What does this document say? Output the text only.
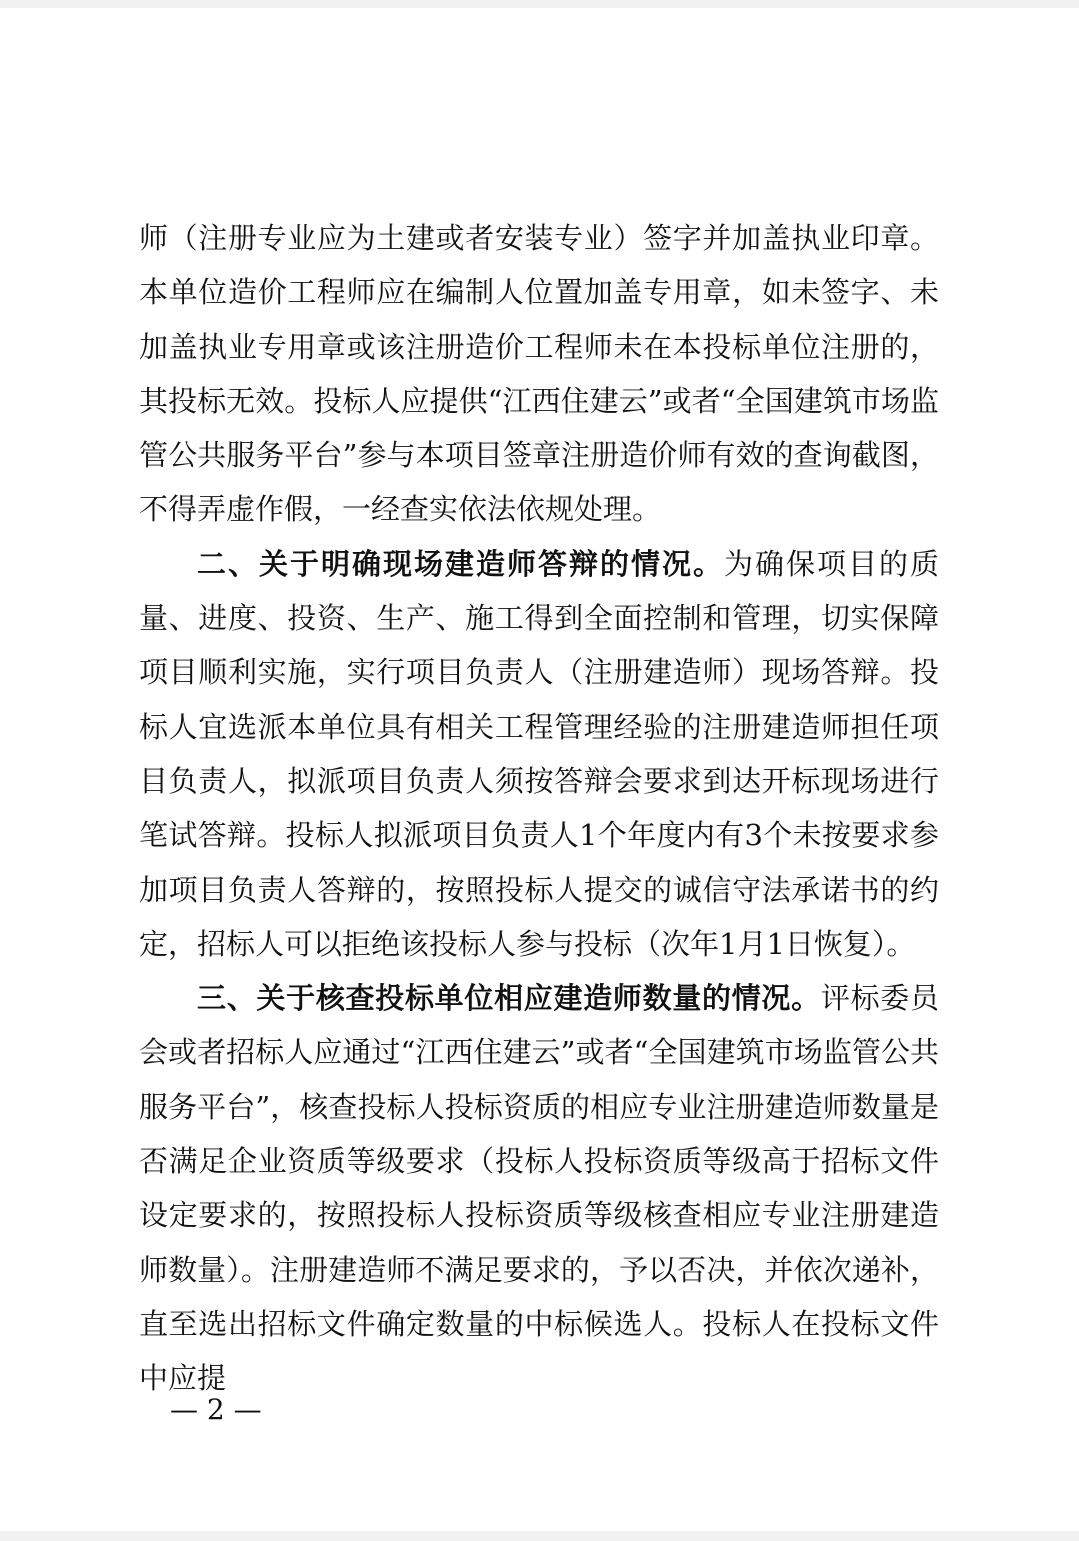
师（注册专业应为土建或者安装专业）签字并加盖执业印章。本单位造价工程师应在编制人位置加盖专用章，如未签字、未加盖执业专用章或该注册造价工程师未在本投标单位注册的，其投标无效。投标人应提供“江西住建云”或者“全国建筑市场监管公共服务平台”参与本项目签章注册造价师有效的查询截图，不得弄虚作假，一经查实依法依规处理。

二、关于明确现场建造师答辩的情况。为确保项目的质量、进度、投资、生产、施工得到全面控制和管理，切实保障项目顺利实施，实行项目负责人（注册建造师）现场答辩。投标人宜选派本单位具有相关工程管理经验的注册建造师担任项目负责人，拟派项目负责人须按答辩会要求到达开标现场进行笔试答辩。投标人拟派项目负责人1个年度内有3个未按要求参加项目负责人答辩的，按照投标人提交的诚信守法承诺书的约定，招标人可以拒绝该投标人参与投标（次年1月1日恢复）。

三、关于核查投标单位相应建造师数量的情况。评标委员会或者招标人应通过“江西住建云”或者“全国建筑市场监管公共服务平台”，核查投标人投标资质的相应专业注册建造师数量是否满足企业资质等级要求（投标人投标资质等级高于招标文件设定要求的，按照投标人投标资质等级核查相应专业注册建造师数量）。注册建造师不满足要求的，予以否决，并依次递补，直至选出招标文件确定数量的中标候选人。投标人在投标文件中应提

— 2 —
